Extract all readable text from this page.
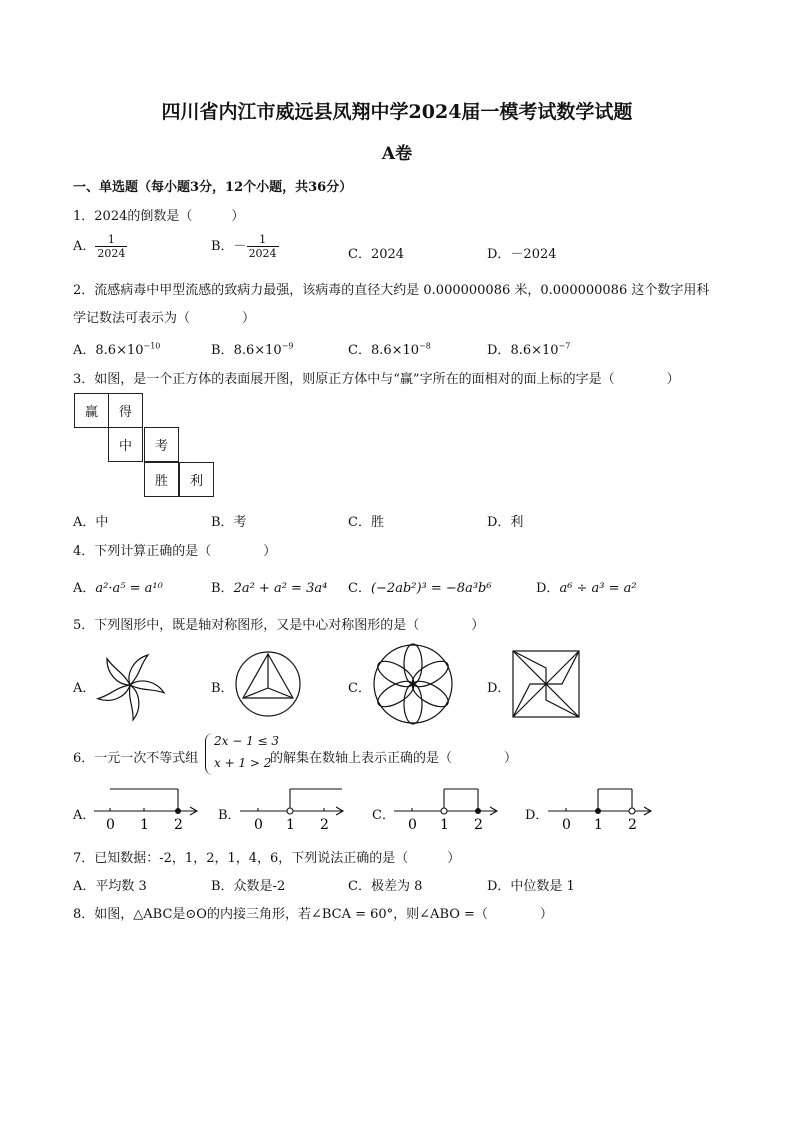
四川省内江市威远县凤翔中学2024届一模考试数学试题
A卷
一、单选题（每小题3分，12个小题，共36分）
1．2024的倒数是（　　　）
A． $\frac{1}{2024}$	B．－ $\frac{1}{2024}$	C．2024	D．－2024
2．流感病毒中甲型流感的致病力最强，该病毒的直径大约是 0.000000086 米，0.000000086 这个数字用科
学记数法可表示为（　　　　）
A．$8.6\times 10^{-10}$	B．$8.6\times 10^{-9}$	C．$8.6\times 10^{-8}$	D．$8.6\times 10^{-7}$
3．如图，是一个正方体的表面展开图，则原正方体中与“赢”字所在的面相对的面上标的字是（　　　　）
赢	得
中	考
胜	利
A．中	B．考	C．胜	D．利
4．下列计算正确的是（　　　　）
A．a²·a⁵ = a¹⁰	B．2a² + a² = 3a⁴ C．(−2ab²)³ = −8a³b⁶	D．a⁶ ÷ a³ = a²
5．下列图形中，既是轴对称图形，又是中心对称图形的是（　　　　）
A．	B．	C．	D．
6．一元一次不等式组
2x − 1 ≤ 3
x + 1 > 2
的解集在数轴上表示正确的是（　　　　）
A．	B．	C．	D．
0 1 2	0 1 2	0 1 2	0 1 2
7．已知数据：-2，1，2，1，4，6，下列说法正确的是（　　　）
A．平均数 3	B．众数是-2	C．极差为 8	D．中位数是 1
8．如图，△ABC是⊙O的内接三角形，若∠BCA = 60°，则∠ABO =（　　　　）
